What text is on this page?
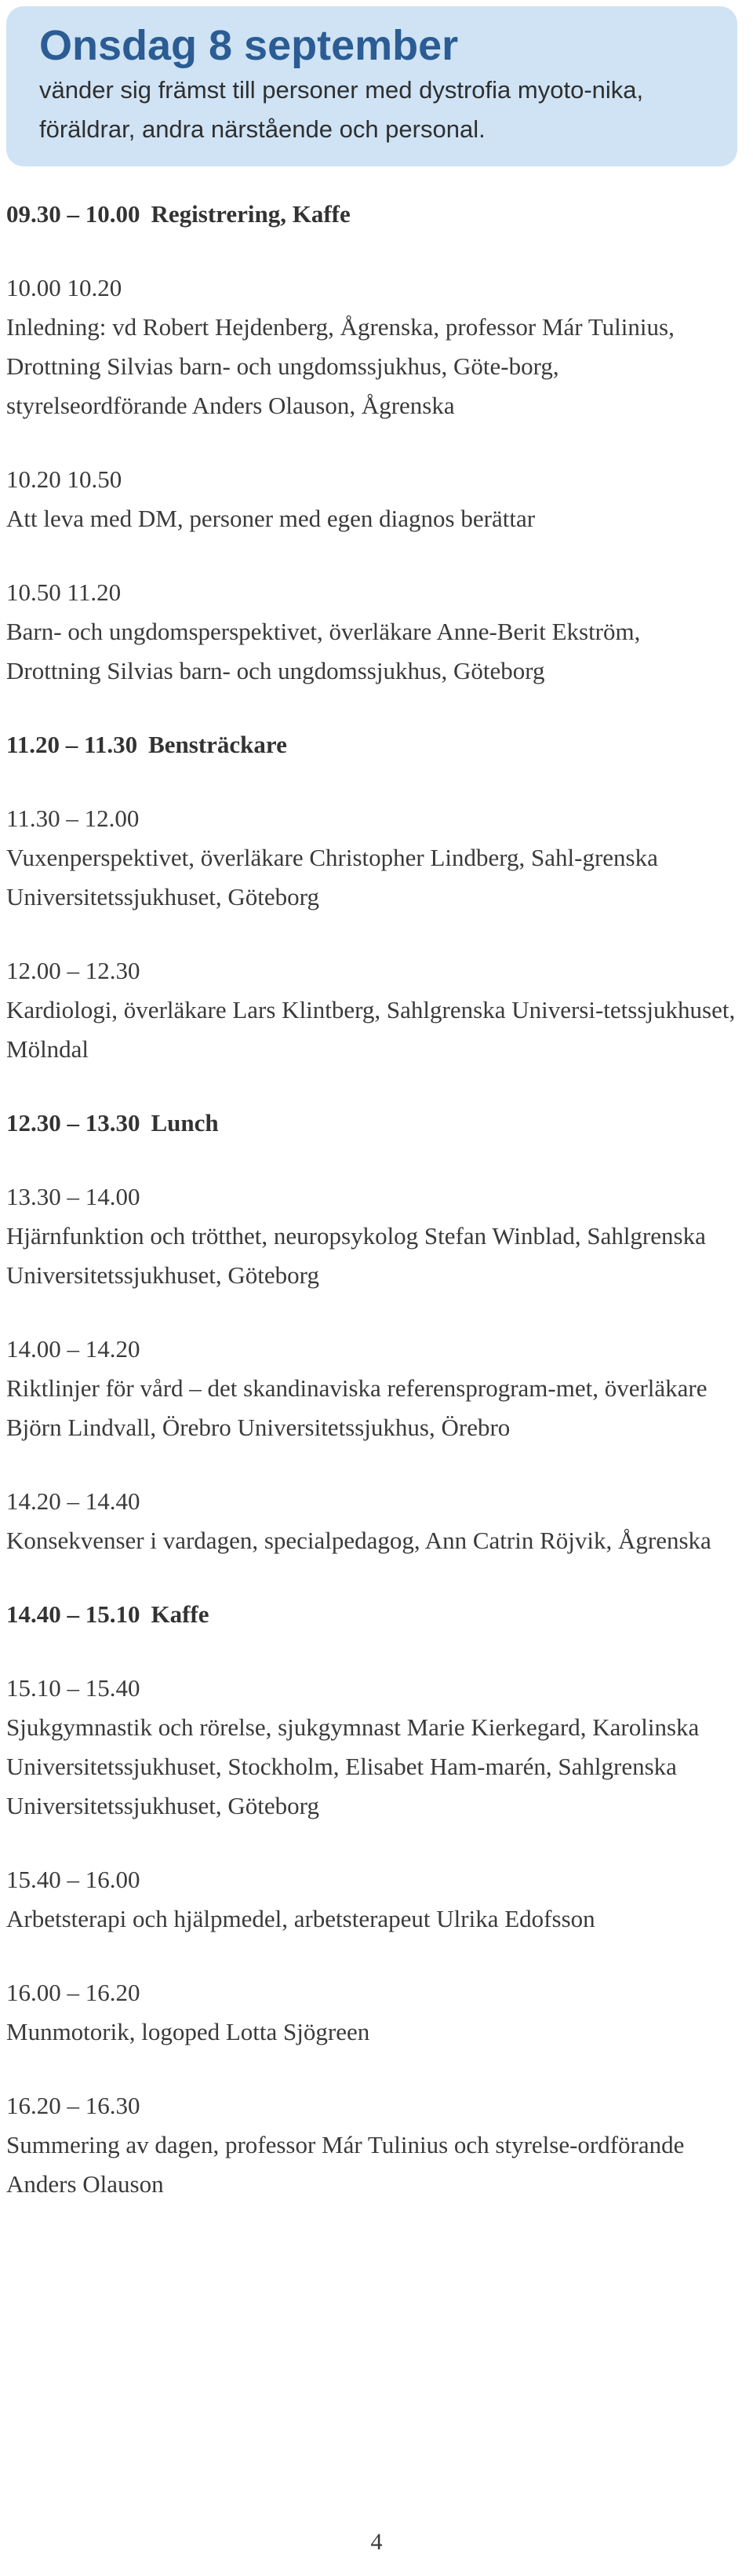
Onsdag 8 september

vänder sig främst till personer med dystrofia myoto-nika, föräldrar, andra närstående och personal.

09.30 – 10.00 Registrering, Kaffe
10.00 10.20
Inledning: vd Robert Hejdenberg, Ågrenska, professor Már Tulinius, Drottning Silvias barn- och ungdomssjukhus, Göte-borg, styrelseordförande Anders Olauson, Ågrenska
10.20 10.50
Att leva med DM, personer med egen diagnos berättar
10.50 11.20
Barn- och ungdomsperspektivet, överläkare Anne-Berit Ekström, Drottning Silvias barn- och ungdomssjukhus, Göteborg
11.20 – 11.30 Bensträckare
11.30 – 12.00
Vuxenperspektivet, överläkare Christopher Lindberg, Sahl-grenska Universitetssjukhuset, Göteborg
12.00 – 12.30
Kardiologi, överläkare Lars Klintberg, Sahlgrenska Universi-tetssjukhuset, Mölndal
12.30 – 13.30 Lunch
13.30 – 14.00
Hjärnfunktion och trötthet, neuropsykolog Stefan Winblad, Sahlgrenska Universitetssjukhuset, Göteborg
14.00 – 14.20
Riktlinjer för vård – det skandinaviska referensprogram-met, överläkare Björn Lindvall, Örebro Universitetssjukhus, Örebro
14.20 – 14.40
Konsekvenser i vardagen, specialpedagog, Ann Catrin Röjvik, Ågrenska
14.40 – 15.10 Kaffe
15.10 – 15.40
Sjukgymnastik och rörelse, sjukgymnast Marie Kierkegard, Karolinska Universitetssjukhuset, Stockholm, Elisabet Ham-marén, Sahlgrenska Universitetssjukhuset, Göteborg
15.40 – 16.00
Arbetsterapi och hjälpmedel, arbetsterapeut Ulrika Edofsson
16.00 – 16.20
Munmotorik, logoped Lotta Sjögreen
16.20 – 16.30
Summering av dagen, professor Már Tulinius och styrelse-ordförande Anders Olauson
4
